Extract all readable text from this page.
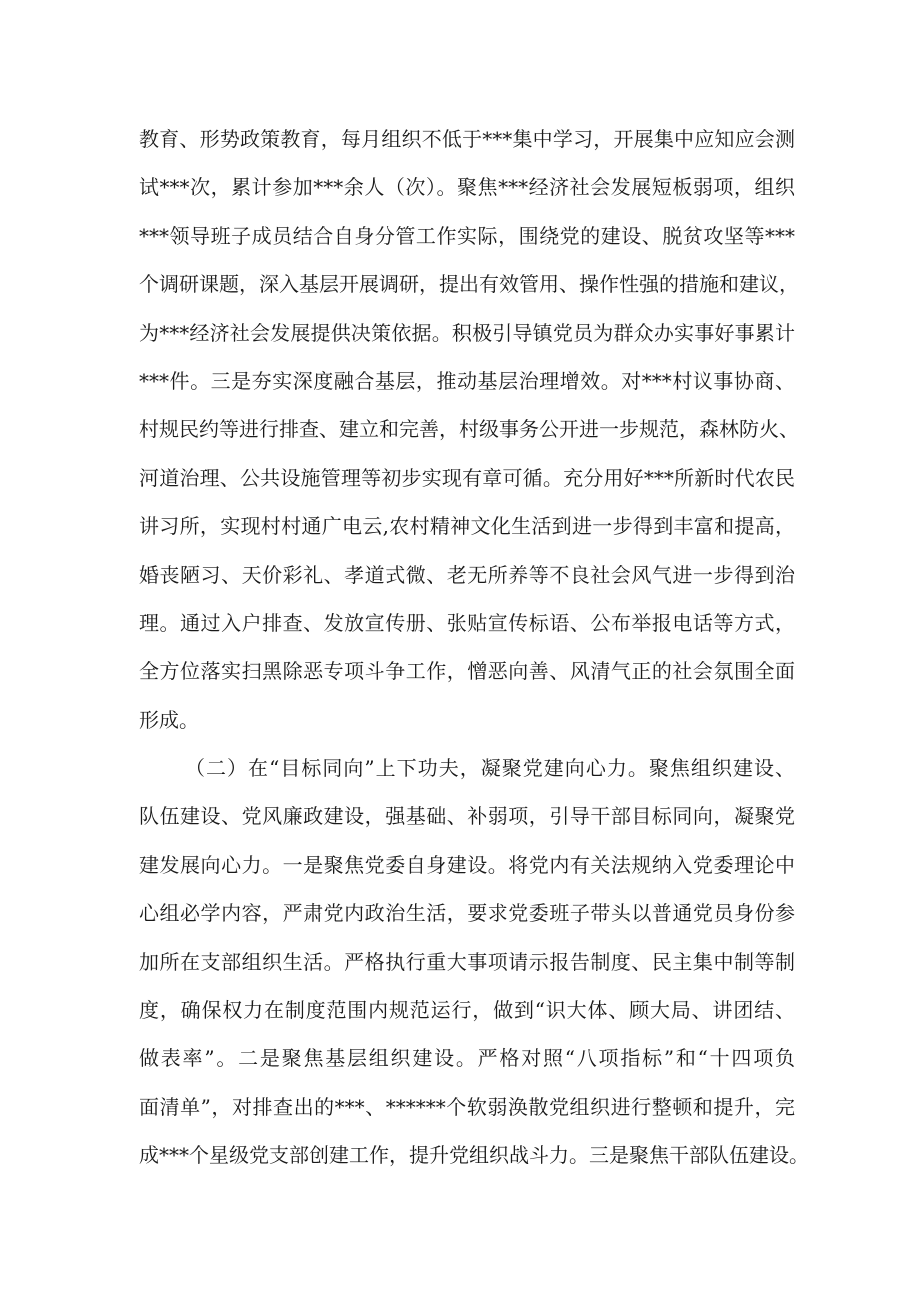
教育、形势政策教育，每月组织不低于***集中学习，开展集中应知应会测
试***次，累计参加***余人（次）。聚焦***经济社会发展短板弱项，组织
***领导班子成员结合自身分管工作实际，围绕党的建设、脱贫攻坚等***
个调研课题，深入基层开展调研，提出有效管用、操作性强的措施和建议，
为***经济社会发展提供决策依据。积极引导镇党员为群众办实事好事累计
***件。三是夯实深度融合基层，推动基层治理增效。对***村议事协商、
村规民约等进行排查、建立和完善，村级事务公开进一步规范，森林防火、
河道治理、公共设施管理等初步实现有章可循。充分用好***所新时代农民
讲习所，实现村村通广电云,农村精神文化生活到进一步得到丰富和提高，
婚丧陋习、天价彩礼、孝道式微、老无所养等不良社会风气进一步得到治
理。通过入户排查、发放宣传册、张贴宣传标语、公布举报电话等方式，
全方位落实扫黑除恶专项斗争工作，憎恶向善、风清气正的社会氛围全面
形成。
（二）在“目标同向”上下功夫，凝聚党建向心力。聚焦组织建设、
队伍建设、党风廉政建设，强基础、补弱项，引导干部目标同向，凝聚党
建发展向心力。一是聚焦党委自身建设。将党内有关法规纳入党委理论中
心组必学内容，严肃党内政治生活，要求党委班子带头以普通党员身份参
加所在支部组织生活。严格执行重大事项请示报告制度、民主集中制等制
度，确保权力在制度范围内规范运行，做到“识大体、顾大局、讲团结、
做表率”。二是聚焦基层组织建设。严格对照“八项指标”和“十四项负
面清单”，对排查出的***、******个软弱涣散党组织进行整顿和提升，完
成***个星级党支部创建工作，提升党组织战斗力。三是聚焦干部队伍建设。
